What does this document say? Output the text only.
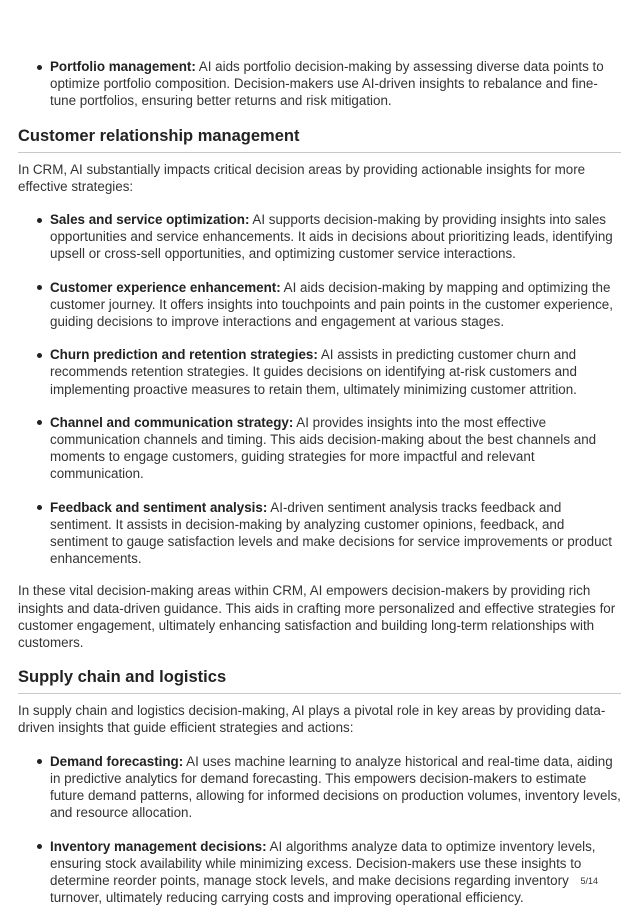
Portfolio management: AI aids portfolio decision-making by assessing diverse data points to optimize portfolio composition. Decision-makers use AI-driven insights to rebalance and fine-tune portfolios, ensuring better returns and risk mitigation.
Customer relationship management

In CRM, AI substantially impacts critical decision areas by providing actionable insights for more effective strategies:

Sales and service optimization: AI supports decision-making by providing insights into sales opportunities and service enhancements. It aids in decisions about prioritizing leads, identifying upsell or cross-sell opportunities, and optimizing customer service interactions.
Customer experience enhancement: AI aids decision-making by mapping and optimizing the customer journey. It offers insights into touchpoints and pain points in the customer experience, guiding decisions to improve interactions and engagement at various stages.
Churn prediction and retention strategies: AI assists in predicting customer churn and recommends retention strategies. It guides decisions on identifying at-risk customers and implementing proactive measures to retain them, ultimately minimizing customer attrition.
Channel and communication strategy: AI provides insights into the most effective communication channels and timing. This aids decision-making about the best channels and moments to engage customers, guiding strategies for more impactful and relevant communication.
Feedback and sentiment analysis: AI-driven sentiment analysis tracks feedback and sentiment. It assists in decision-making by analyzing customer opinions, feedback, and sentiment to gauge satisfaction levels and make decisions for service improvements or product enhancements.

In these vital decision-making areas within CRM, AI empowers decision-makers by providing rich insights and data-driven guidance. This aids in crafting more personalized and effective strategies for customer engagement, ultimately enhancing satisfaction and building long-term relationships with customers.

Supply chain and logistics

In supply chain and logistics decision-making, AI plays a pivotal role in key areas by providing data-driven insights that guide efficient strategies and actions:

Demand forecasting: AI uses machine learning to analyze historical and real-time data, aiding in predictive analytics for demand forecasting. This empowers decision-makers to estimate future demand patterns, allowing for informed decisions on production volumes, inventory levels, and resource allocation.
Inventory management decisions: AI algorithms analyze data to optimize inventory levels, ensuring stock availability while minimizing excess. Decision-makers use these insights to determine reorder points, manage stock levels, and make decisions regarding inventory turnover, ultimately reducing carrying costs and improving operational efficiency.
5/14
